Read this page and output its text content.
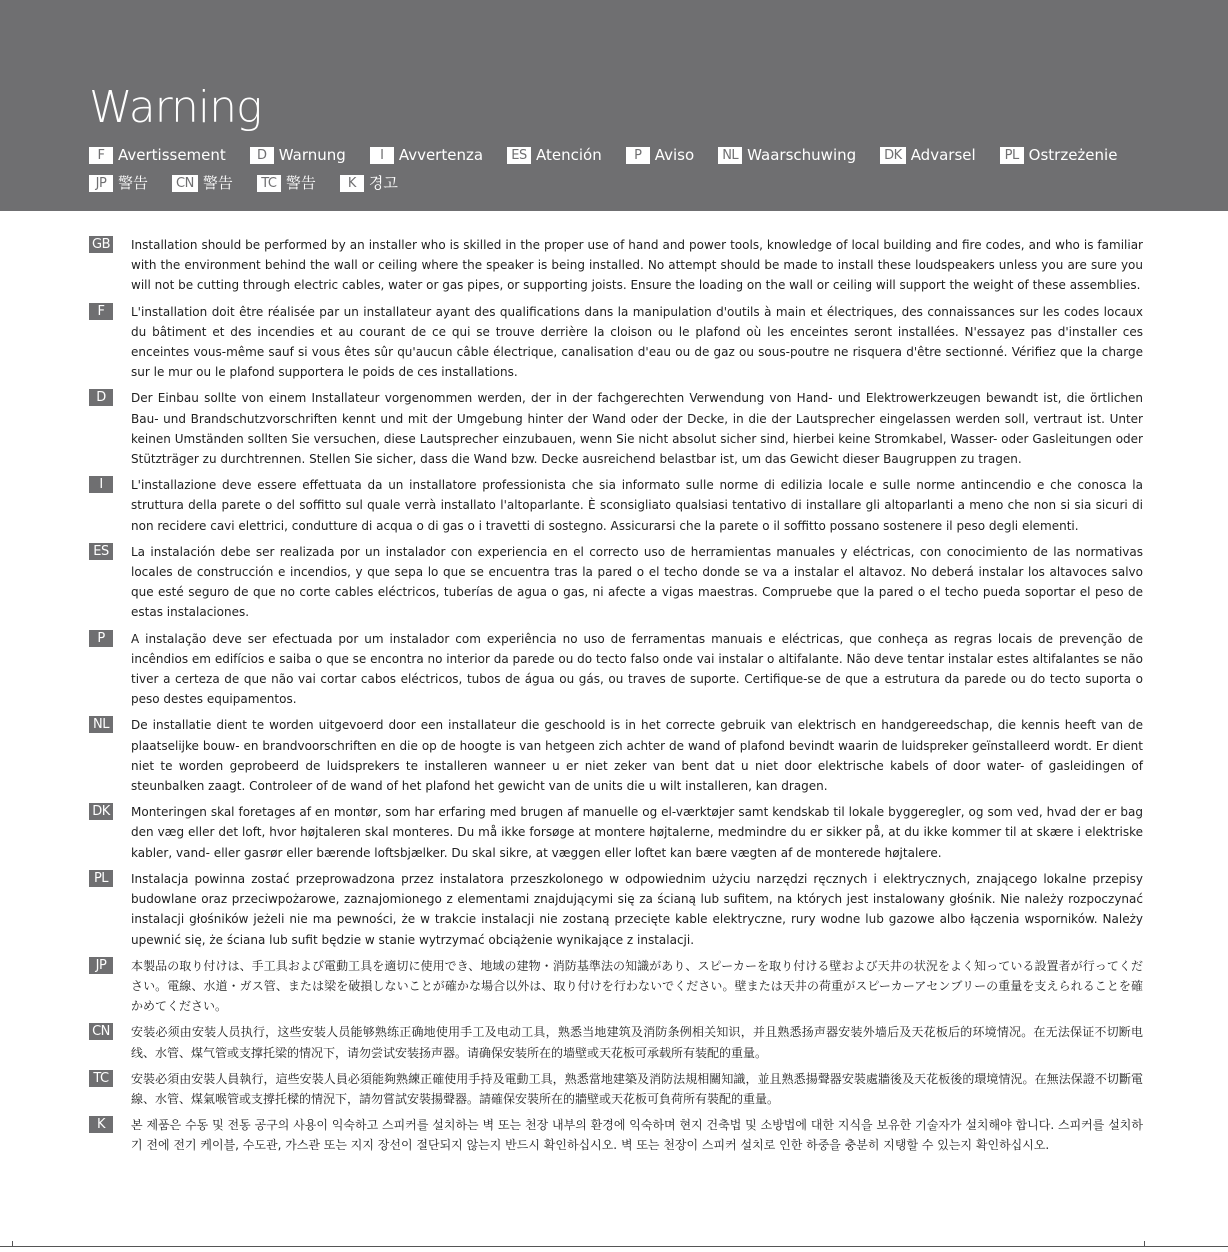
Warning
F Avertissement	D Warnung	I	Avvertenza	ES Atención	P Aviso	NL Waarschuwing	DK Advarsel	PL Ostrzeżenie
JP 警告	CN 警告	TC 警告	K 경고
GB Installation should be performed by an installer who is skilled in the proper use of hand and power tools, knowledge of local building and fire codes, and who is familiar with the environment behind the wall or ceiling where the speaker is being installed. No attempt should be made to install these loudspeakers unless you are sure you will not be cutting through electric cables, water or gas pipes, or supporting joists. Ensure the loading on the wall or ceiling will support the weight of these assemblies.

F	L'installation doit être réalisée par un installateur ayant des qualifications dans la manipulation d'outils à main et électriques, des connaissances sur les codes locaux du bâtiment et des incendies et au courant de ce qui se trouve derrière la cloison ou le plafond où les enceintes seront installées. N'essayez pas d'installer ces enceintes vous-même sauf si vous êtes sûr qu'aucun câble électrique, canalisation d'eau ou de gaz ou sous-poutre ne risquera d'être sectionné. Vérifiez que la charge sur le mur ou le plafond supportera le poids de ces installations.

D	Der Einbau sollte von einem Installateur vorgenommen werden, der in der fachgerechten Verwendung von Hand- und Elektrowerkzeugen bewandt ist, die örtlichen Bau- und Brandschutzvorschriften kennt und mit der Umgebung hinter der Wand oder der Decke, in die der Lautsprecher eingelassen werden soll, vertraut ist. Unter keinen Umständen sollten Sie versuchen, diese Lautsprecher einzubauen, wenn Sie nicht absolut sicher sind, hierbei keine Stromkabel, Wasser- oder Gasleitungen oder Stützträger zu durchtrennen. Stellen Sie sicher, dass die Wand bzw. Decke ausreichend belastbar ist, um das Gewicht dieser Baugruppen zu tragen.

I	L'installazione deve essere effettuata da un installatore professionista che sia informato sulle norme di edilizia locale e sulle norme antincendio e che conosca la struttura della parete o del soffitto sul quale verrà installato l'altoparlante. È sconsigliato qualsiasi tentativo di installare gli altoparlanti a meno che non si sia sicuri di non recidere cavi elettrici, condutture di acqua o di gas o i travetti di sostegno. Assicurarsi che la parete o il soffitto possano sostenere il peso degli elementi.

ES	La instalación debe ser realizada por un instalador con experiencia en el correcto uso de herramientas manuales y eléctricas, con conocimiento de las normativas locales de construcción e incendios, y que sepa lo que se encuentra tras la pared o el techo donde se va a instalar el altavoz. No deberá instalar los altavoces salvo que esté seguro de que no corte cables eléctricos, tuberías de agua o gas, ni afecte a vigas maestras. Compruebe que la pared o el techo pueda soportar el peso de estas instalaciones.

P	A instalação deve ser efectuada por um instalador com experiência no uso de ferramentas manuais e eléctricas, que conheça as regras locais de prevenção de incêndios em edifícios e saiba o que se encontra no interior da parede ou do tecto falso onde vai instalar o altifalante. Não deve tentar instalar estes altifalantes se não tiver a certeza de que não vai cortar cabos eléctricos, tubos de água ou gás, ou traves de suporte. Certifique-se de que a estrutura da parede ou do tecto suporta o peso destes equipamentos.

NL	De installatie dient te worden uitgevoerd door een installateur die geschoold is in het correcte gebruik van elektrisch en handgereedschap, die kennis heeft van de plaatselijke bouw- en brandvoorschriften en die op de hoogte is van hetgeen zich achter de wand of plafond bevindt waarin de luidspreker geïnstalleerd wordt. Er dient niet te worden geprobeerd de luidsprekers te installeren wanneer u er niet zeker van bent dat u niet door elektrische kabels of door water- of gasleidingen of steunbalken zaagt. Controleer of de wand of het plafond het gewicht van de units die u wilt installeren, kan dragen.

DK Monteringen skal foretages af en montør, som har erfaring med brugen af manuelle og el-værktøjer samt kendskab til lokale byggeregler, og som ved, hvad der er bag den væg eller det loft, hvor højtaleren skal monteres. Du må ikke forsøge at montere højtalerne, medmindre du er sikker på, at du ikke kommer til at skære i elektriske kabler, vand- eller gasrør eller bærende loftsbjælker. Du skal sikre, at væggen eller loftet kan bære vægten af de monterede højtalere.

PL	Instalacja powinna zostać przeprowadzona przez instalatora przeszkolonego w odpowiednim użyciu narzędzi ręcznych i elektrycznych, znającego lokalne przepisy budowlane oraz przeciwpożarowe, zaznajomionego z elementami znajdującymi się za ścianą lub sufitem, na których jest instalowany głośnik. Nie należy rozpoczynać instalacji głośników jeżeli nie ma pewności, że w trakcie instalacji nie zostaną przecięte kable elektryczne, rury wodne lub gazowe albo łączenia wsporników. Należy upewnić się, że ściana lub sufit będzie w stanie wytrzymać obciążenie wynikające z instalacji.

JP	本製品の取り付けは、手工具および電動工具を適切に使用でき、地域の建物・消防基準法の知識があり、スピーカーを取り付ける壁および天井の状況をよく知っている設置者が行ってください。電線、水道・ガス管、または梁を破損しないことが確かな場合以外は、取り付けを行わないでください。壁または天井の荷重がスピーカーアセンブリーの重量を支えられることを確かめてください。

CN 安装必须由安装人员执行，这些安装人员能够熟练正确地使用手工及电动工具，熟悉当地建筑及消防条例相关知识，并且熟悉扬声器安装外墙后及天花板后的环境情况。在无法保证不切断电线、水管、煤气管或支撑托梁的情况下，请勿尝试安装扬声器。请确保安装所在的墙壁或天花板可承载所有装配的重量。

TC	安裝必須由安裝人員執行，這些安裝人員必須能夠熟練正確使用手持及電動工具，熟悉當地建築及消防法規相關知識，並且熟悉揚聲器安裝處牆後及天花板後的環境情況。在無法保證不切斷電線、水管、煤氣喉管或支撐托樑的情況下，請勿嘗試安裝揚聲器。請確保安裝所在的牆壁或天花板可負荷所有裝配的重量。

K	본 제품은 수동 및 전동 공구의 사용이 익숙하고 스피커를 설치하는 벽 또는 천장 내부의 환경에 익숙하며 현지 건축법 및 소방법에 대한 지식을 보유한 기술자가 설치해야 합니다. 스피커를 설치하기 전에 전기 케이블, 수도관, 가스관 또는 지지 장선이 절단되지 않는지 반드시 확인하십시오. 벽 또는 천장이 스피커 설치로 인한 하중을 충분히 지탱할 수 있는지 확인하십시오.
